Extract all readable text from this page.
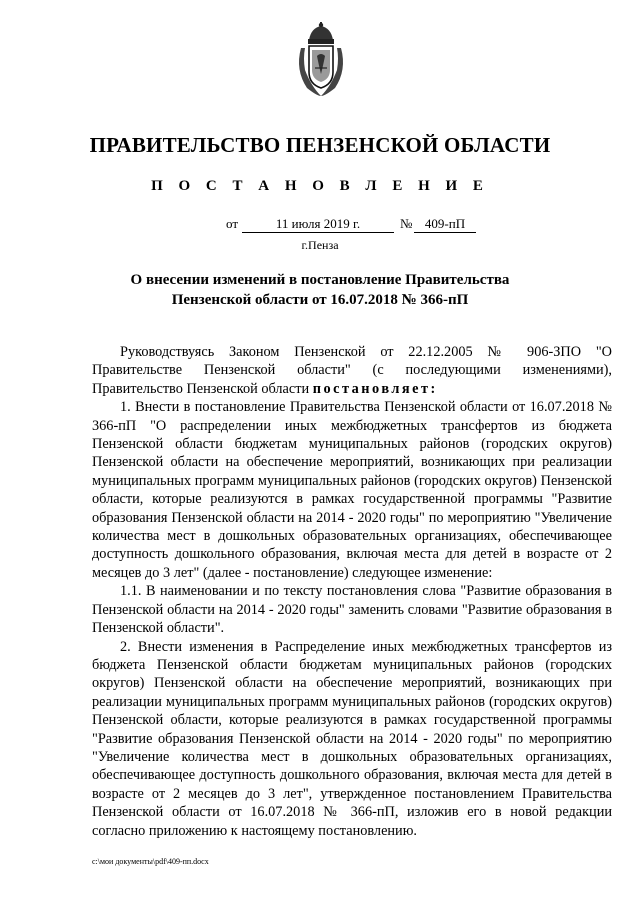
ПРАВИТЕЛЬСТВО ПЕНЗЕНСКОЙ ОБЛАСТИ
П О С Т А Н О В Л Е Н И Е
от	11 июля 2019 г.	№ 409-пП
г.Пенза
О внесении изменений в постановление Правительства
Пензенской области от 16.07.2018 № 366-пП

Руководствуясь Законом Пензенской от 22.12.2005 № 906-ЗПО "О Правительстве Пензенской области" (с последующими изменениями), Правительство Пензенской области постановляет:

1. Внести в постановление Правительства Пензенской области от 16.07.2018 № 366-пП "О распределении иных межбюджетных трансфертов из бюджета Пензенской области бюджетам муниципальных районов (городских округов) Пензенской области на обеспечение мероприятий, возникающих при реализации муниципальных программ муниципальных районов (городских округов) Пензенской области, которые реализуются в рамках государственной программы "Развитие образования Пензенской области на 2014 - 2020 годы" по мероприятию "Увеличение количества мест в дошкольных образовательных организациях, обеспечивающее доступность дошкольного образования, включая места для детей в возрасте от 2 месяцев до 3 лет" (далее - постановление) следующее изменение:

1.1. В наименовании и по тексту постановления слова "Развитие образования в Пензенской области на 2014 - 2020 годы" заменить словами "Развитие образования в Пензенской области".

2. Внести изменения в Распределение иных межбюджетных трансфертов из бюджета Пензенской области бюджетам муниципальных районов (городских округов) Пензенской области на обеспечение мероприятий, возникающих при реализации муниципальных программ муниципальных районов (городских округов) Пензенской области, которые реализуются в рамках государственной программы "Развитие образования Пензенской области на 2014 - 2020 годы" по мероприятию "Увеличение количества мест в дошкольных образовательных организациях, обеспечивающее доступность дошкольного образования, включая места для детей в возрасте от 2 месяцев до 3 лет", утвержденное постановлением Правительства Пензенской области от 16.07.2018 № 366-пП, изложив его в новой редакции согласно приложению к настоящему постановлению.

c:\мои документы\pdf\409-пп.docx
